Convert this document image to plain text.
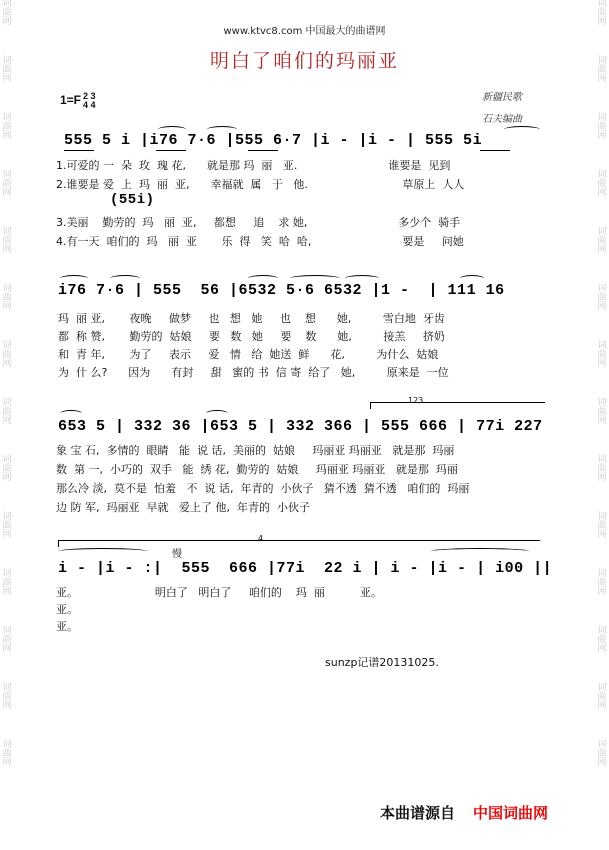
词
曲
网
词
曲
网
词
曲
网
词
曲
网
词
曲
网
词
曲
网
词
曲
网
词
曲
网
词
曲
网
词
曲
网
词
曲
网
词
曲
网
词
曲
网
词
曲
网
词
曲
网
词
曲
网
词
曲
网
词
曲
网
词
曲
网
词
曲
网
词
曲
网
词
曲
网
词
曲
网
词
曲
网
词
曲
网
词
曲
网
词
曲
网
词
曲
网
www.ktvc8.com 中国最大的曲谱网
明白了咱们的玛丽亚
1=F 2 3
4 4
新疆民歌
石夫编曲
555 5 i |i76 7·6 |555 6·7 |i - |i - | 555 5i
1.可爱的 一  朵  玫  瑰 花,      就是那 玛  丽   亚.                          谁要是  见到
2.谁要是 爱  上  玛  丽  亚,      幸福就  属   于   他.                           草原上  人人
(55i)
3.美丽    勤劳的  玛   丽  亚,     都想     追    求 她,                          多少个  骑手
4.有一天  咱们的  玛   丽  亚       乐  得   笑  哈  哈,                          要是     问她
i76 7·6 | 555  56 |6532 5·6 6532 |1 -  | 111 16
玛  丽 亚,       夜晚     做梦     也   想   她     也    想      她,         雪白地  牙齿
都  称 赞,       勤劳的  姑娘     要   数   她     要    数      她,         接羔     挤奶
和  青 年,       为了     表示     爱   情   给  她送  鲜      花,         为什么  姑娘
为  什 么?      因为      有封     甜   蜜的 书  信 寄  给了   她,         原来是  一位
123
653 5 | 332 36 |653 5 | 332 366 | 555 666 | 77i 227
象 宝 石,  多情的  眼睛   能  说 话,  美丽的  姑娘     玛丽亚 玛丽亚   就是那  玛丽
数  第 一,  小巧的  双手   能  绣 花,  勤劳的  姑娘     玛丽亚 玛丽亚   就是那  玛丽
那么冷 淡,  莫不是  怕羞   不  说 话,  年青的  小伙子   猜不透  猜不透   咱们的  玛丽
边 防 军,  玛丽亚  早就   爱上了 他,  年青的  小伙子
4
慢
i - |i - :|  555  666 |77i  22 i | i - |i - | i00 ||
亚。                      明白了   明白了     咱们的    玛  丽          亚。
亚。
亚。
sunzp记谱20131025.
本曲谱源自 中国词曲网
